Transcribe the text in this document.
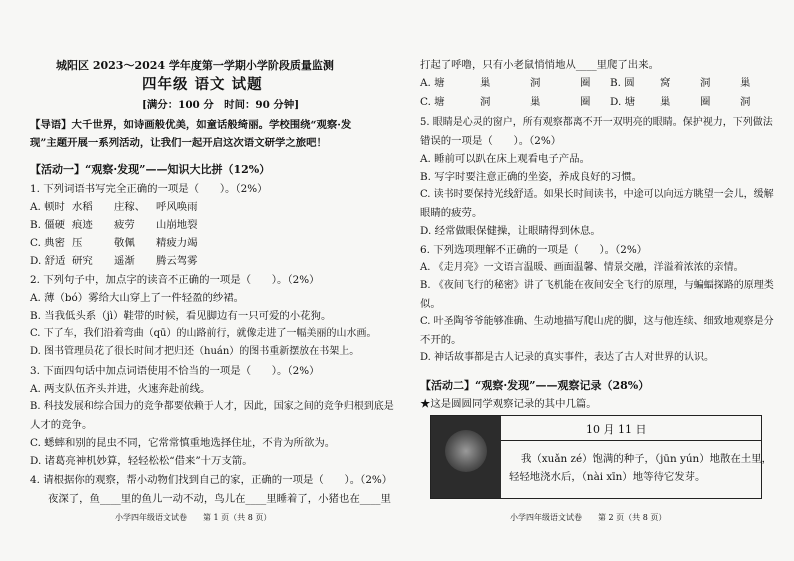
城阳区 2023～2024 学年度第一学期小学阶段质量监测
四年级 语文 试题
[满分：100 分　时间：90 分钟]
【导语】大千世界，如诗画般优美，如童话般绮丽。学校围绕“观察·发
现”主题开展一系列活动，让我们一起开启这次语文研学之旅吧！
【活动一】“观察·发现”——知识大比拼（12%）
1. 下列词语书写完全正确的一项是（　　）。（2%）
A. 顿时 水稻	庄稼、	呼风唤雨
B. 僵硬 痕迹	疲劳	山崩地裂
C. 典密 压	敬佩	精疲力竭
D. 舒适 研究	遥渐	腾云驾雾
2. 下列句子中，加点字的读音不正确的一项是（　　）。（2%）
A. 薄（bó）雾给大山穿上了一件轻盈的纱裙。
B. 当我低头系（jì）鞋带的时候，看见脚边有一只可爱的小花狗。
C. 下了车，我们沿着弯曲（qū）的山路前行，就像走进了一幅美丽的山水画。
D. 图书管理员花了很长时间才把归还（huán）的图书重新摆放在书架上。
3. 下面四句话中加点词语使用不恰当的一项是（　　）。（2%）
A. 两支队伍齐头并进，火速奔赴前线。
B. 科技发展和综合国力的竞争都要依赖于人才，因此，国家之间的竞争归根到底是
人才的竞争。
C. 蟋蟀和别的昆虫不同，它常常慎重地选择住址，不肯为所欲为。
D. 诸葛亮神机妙算，轻轻松松“借来”十万支箭。
4. 请根据你的观察，帮小动物们找到自己的家，正确的一项是（　　）。（2%）
夜深了，鱼____里的鱼儿一动不动，鸟儿在____里睡着了，小猪也在____里
小学四年级语文试卷　　第 1 页（共 8 页）
打起了呼噜，只有小老鼠悄悄地从____里爬了出来。
A. 塘	巢	洞	圈	B. 圆	窝	洞	巢
C. 塘	洞	巢	圈	D. 塘	巢	圈	洞
5. 眼睛是心灵的窗户，所有观察都离不开一双明亮的眼睛。保护视力，下列做法
错误的一项是（　　）。（2%）
A. 睡前可以趴在床上观看电子产品。
B. 写字时要注意正确的坐姿，养成良好的习惯。
C. 读书时要保持光线舒适。如果长时间读书，中途可以向远方眺望一会儿，缓解
眼睛的疲劳。
D. 经常做眼保健操，让眼睛得到休息。
6. 下列选项理解不正确的一项是（　　）。（2%）
A. 《走月亮》一文语言温暖、画面温馨、情景交融，洋溢着浓浓的亲情。
B. 《夜间飞行的秘密》讲了飞机能在夜间安全飞行的原理，与蝙蝠探路的原理类
似。
C. 叶圣陶爷爷能够准确、生动地描写爬山虎的脚，这与他连续、细致地观察是分
不开的。
D. 神话故事都是古人记录的真实事件，表达了古人对世界的认识。
【活动二】“观察·发现”——观察记录（28%）
★这是圆圆同学观察记录的其中几篇。
10 月 11 日
我（xuǎn zé）饱满的种子，（jūn yún）地散在土里，
轻轻地浇水后，（nài xīn）地等待它发芽。
小学四年级语文试卷　　第 2 页（共 8 页）
